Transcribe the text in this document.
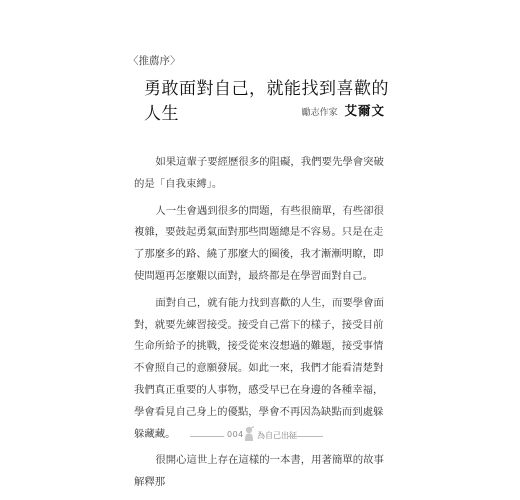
〈推薦序〉
勇敢面對自己，就能找到喜歡的人生	勵志作家 艾爾文

如果這輩子要經歷很多的阻礙，我們要先學會突破的是「自我束縛」。

人一生會遇到很多的問題，有些很簡單，有些卻很複雜，要鼓起勇氣面對那些問題總是不容易。只是在走了那麼多的路、繞了那麼大的圈後，我才漸漸明瞭，即使問題再怎麼艱以面對，最終都是在學習面對自己。

面對自己，就有能力找到喜歡的人生，而要學會面對，就要先練習接受。接受自己當下的樣子，接受目前生命所給予的挑戰，接受從來沒想過的難題，接受事情不會照自己的意願發展。如此一來，我們才能看清楚對我們真正重要的人事物，感受早已在身邊的各種幸福，學會看見自己身上的優點，學會不再因為缺點而到處躲躲藏藏。

很開心這世上存在這樣的一本書，用著簡單的故事解釋那

004 為自己出征
